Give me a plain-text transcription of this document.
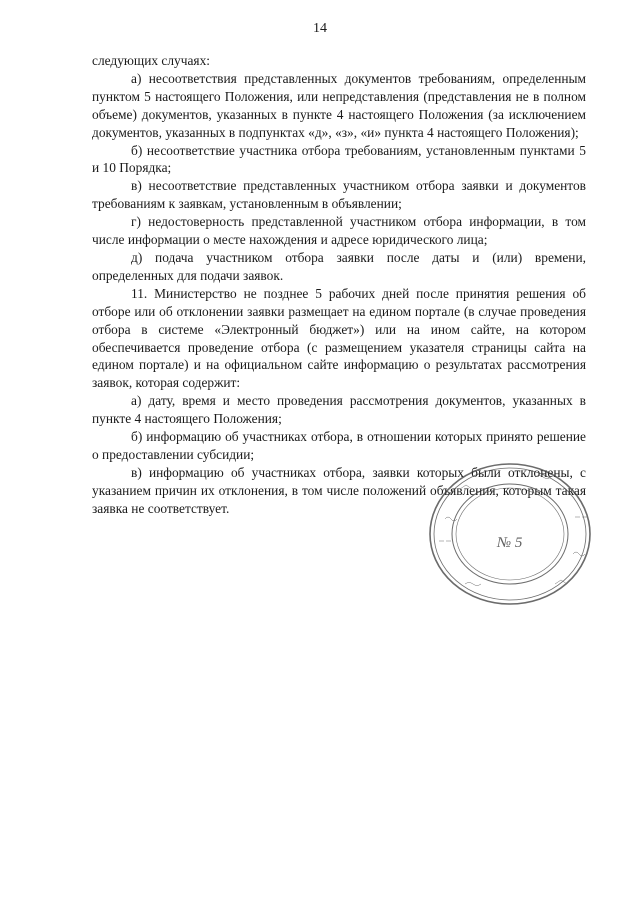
14

следующих случаях:

а) несоответствия представленных документов требованиям, определенным пунктом 5 настоящего Положения, или непредставления (представления не в полном объеме) документов, указанных в пункте 4 настоящего Положения (за исключением документов, указанных в подпунктах «д», «з», «и» пункта 4 настоящего Положения);

б) несоответствие участника отбора требованиям, установленным пунктами 5 и 10 Порядка;

в) несоответствие представленных участником отбора заявки и документов требованиям к заявкам, установленным в объявлении;

г) недостоверность представленной участником отбора информации, в том числе информации о месте нахождения и адресе юридического лица;

д) подача участником отбора заявки после даты и (или) времени, определенных для подачи заявок.

11. Министерство не позднее 5 рабочих дней после принятия решения об отборе или об отклонении заявки размещает на едином портале (в случае проведения отбора в системе «Электронный бюджет») или на ином сайте, на котором обеспечивается проведение отбора (с размещением указателя страницы сайта на едином портале) и на официальном сайте информацию о результатах рассмотрения заявок, которая содержит:

а) дату, время и место проведения рассмотрения документов, указанных в пункте 4 настоящего Положения;

б) информацию об участниках отбора, в отношении которых принято решение о предоставлении субсидии;

в) информацию об участниках отбора, заявки которых были отклонены, с указанием причин их отклонения, в том числе положений объявления, которым такая заявка не соответствует.

№ 5
